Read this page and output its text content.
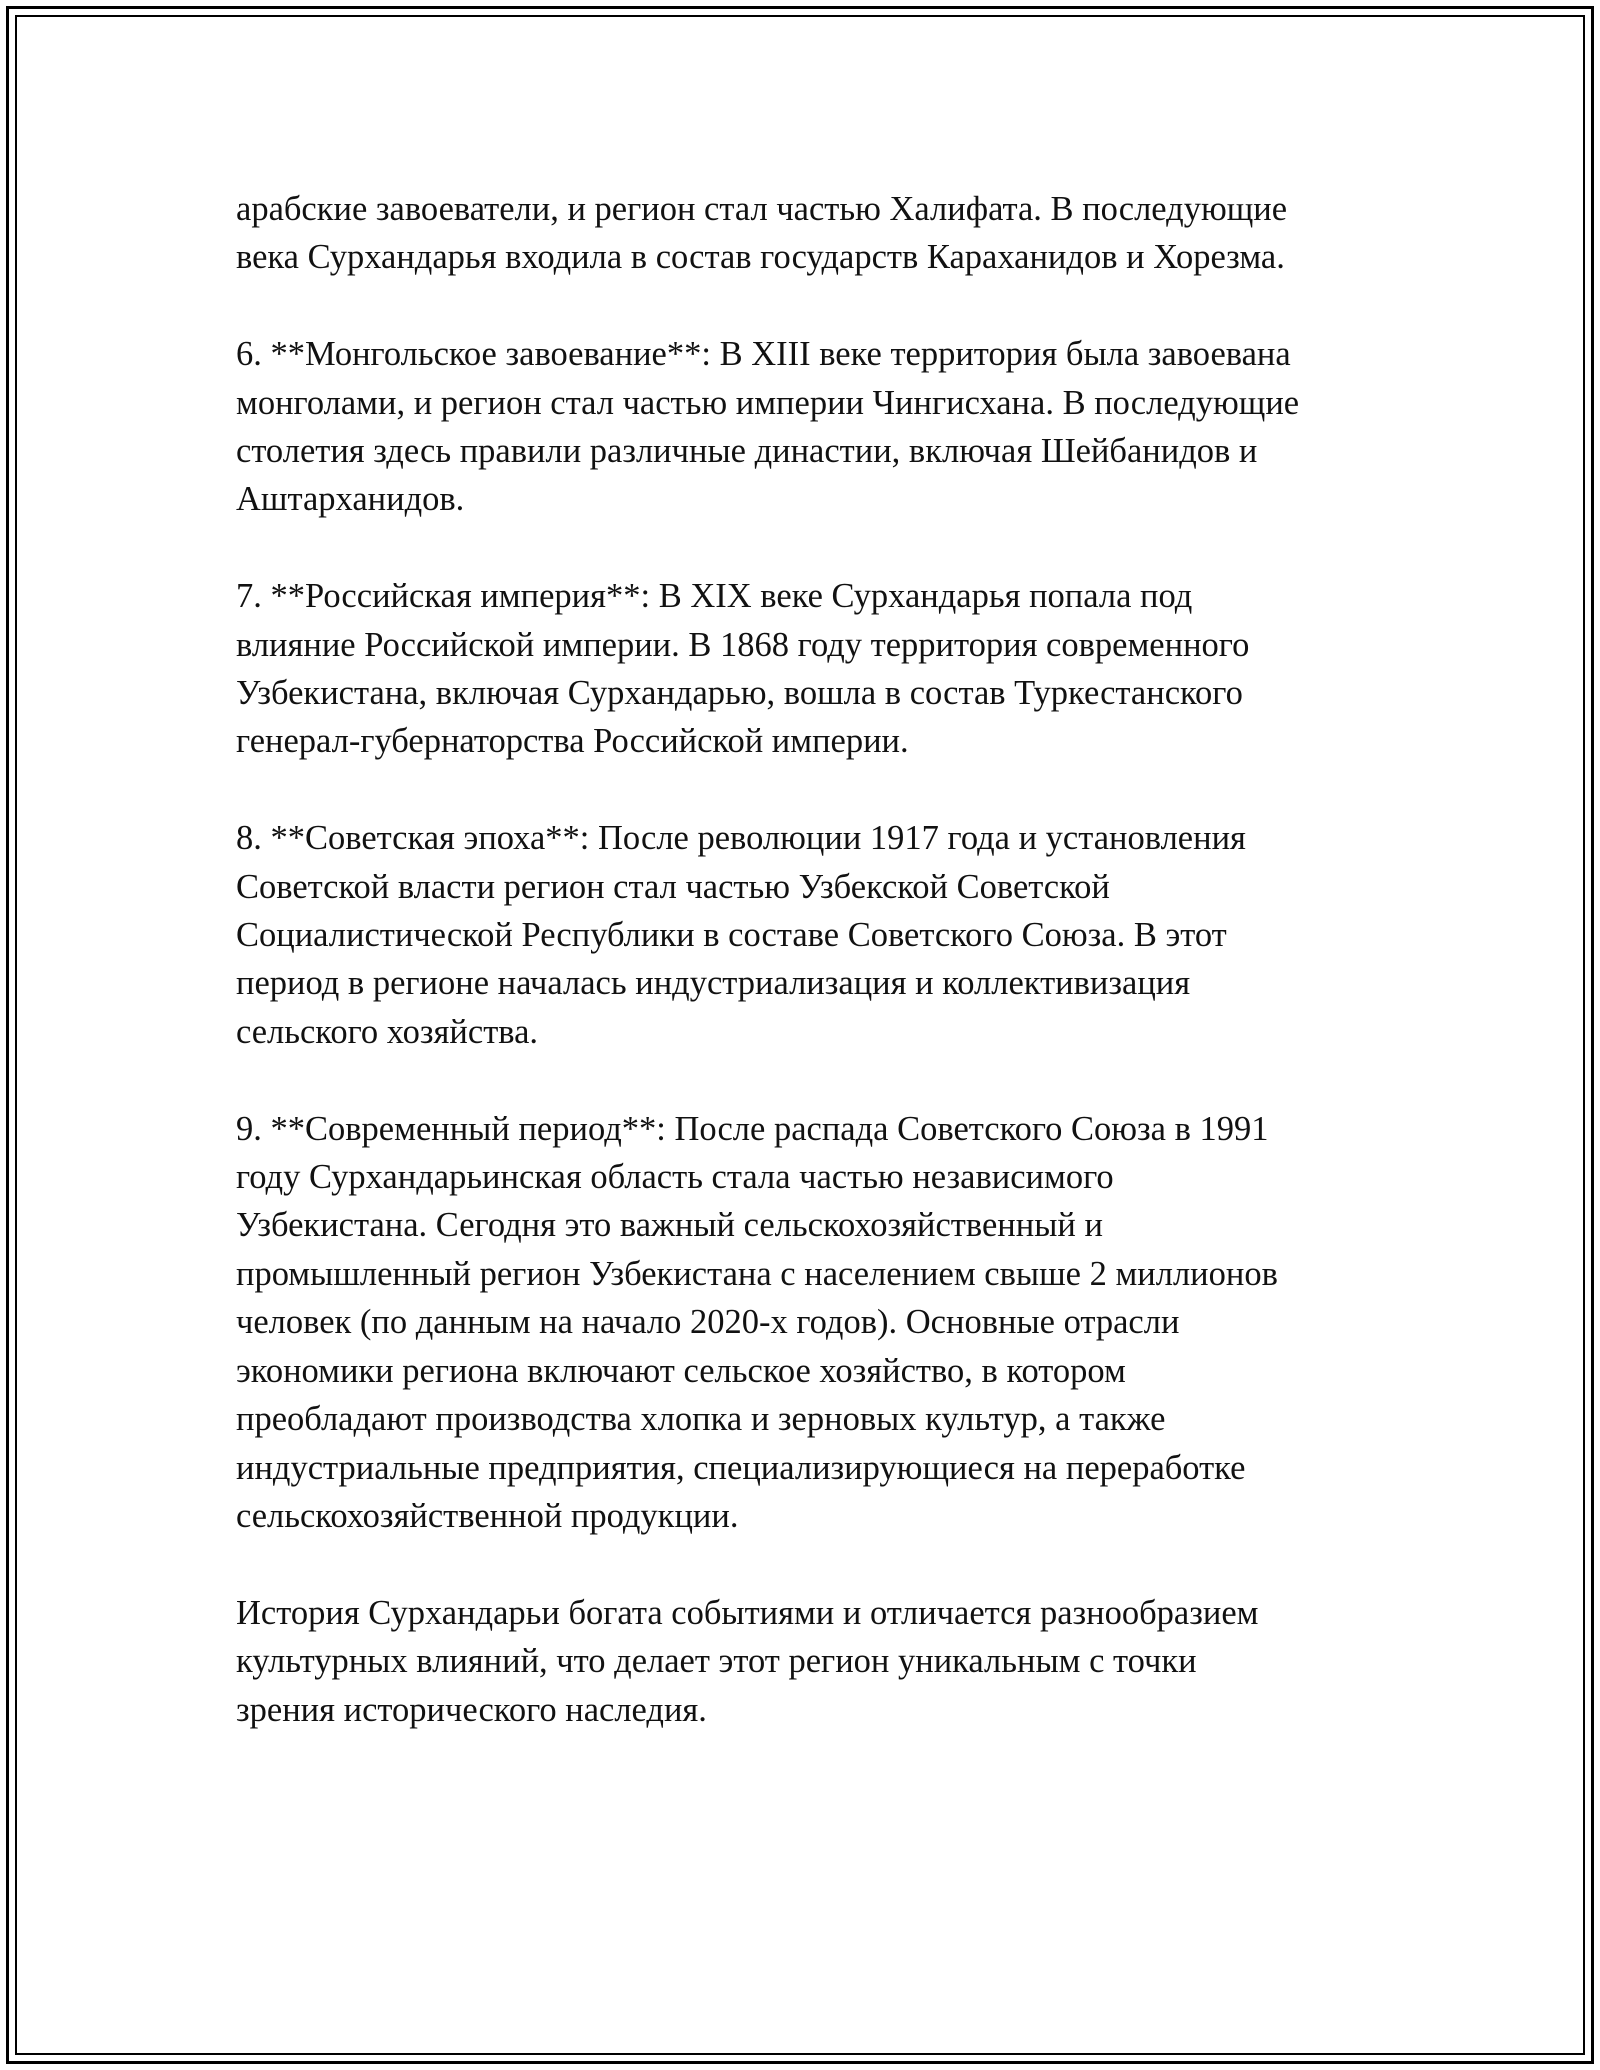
арабские завоеватели, и регион стал частью Халифата. В последующие
века Сурхандарья входила в состав государств Караханидов и Хорезма.

6. **Монгольское завоевание**: В XIII веке территория была завоевана
монголами, и регион стал частью империи Чингисхана. В последующие
столетия здесь правили различные династии, включая Шейбанидов и
Аштарханидов.

7. **Российская империя**: В XIX веке Сурхандарья попала под
влияние Российской империи. В 1868 году территория современного
Узбекистана, включая Сурхандарью, вошла в состав Туркестанского
генерал-губернаторства Российской империи.

8. **Советская эпоха**: После революции 1917 года и установления
Советской власти регион стал частью Узбекской Советской
Социалистической Республики в составе Советского Союза. В этот
период в регионе началась индустриализация и коллективизация
сельского хозяйства.

9. **Современный период**: После распада Советского Союза в 1991
году Сурхандарьинская область стала частью независимого
Узбекистана. Сегодня это важный сельскохозяйственный и
промышленный регион Узбекистана с населением свыше 2 миллионов
человек (по данным на начало 2020-х годов). Основные отрасли
экономики региона включают сельское хозяйство, в котором
преобладают производства хлопка и зерновых культур, а также
индустриальные предприятия, специализирующиеся на переработке
сельскохозяйственной продукции.

История Сурхандарьи богата событиями и отличается разнообразием
культурных влияний, что делает этот регион уникальным с точки
зрения исторического наследия.
